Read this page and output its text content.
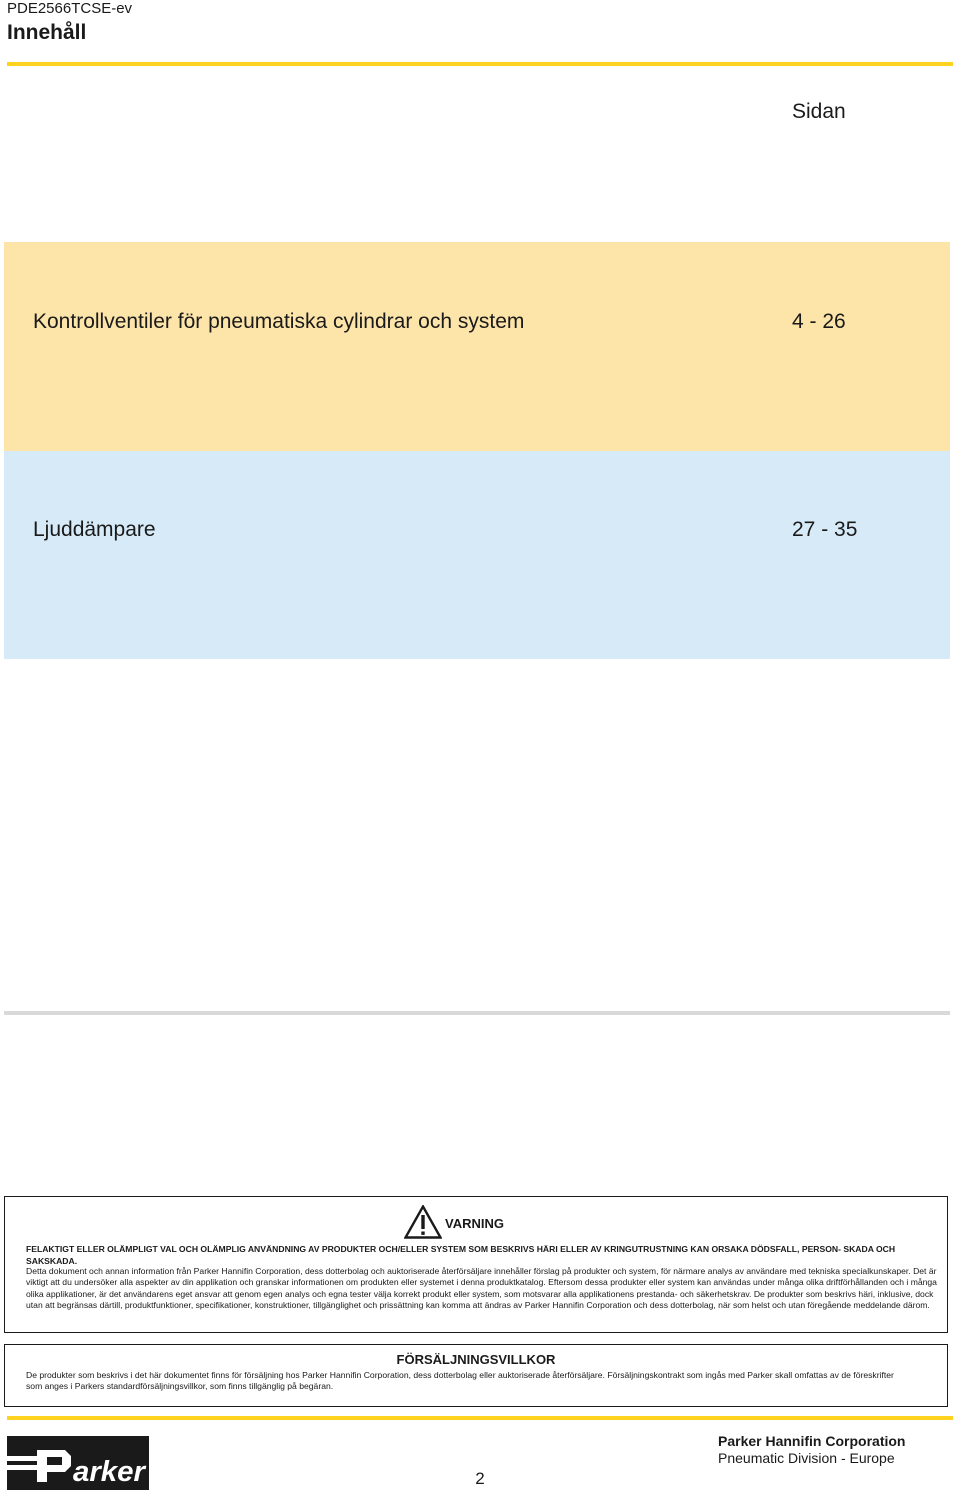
PDE2566TCSE-ev
Innehåll
Sidan
Kontrollventiler för pneumatiska cylindrar och system	4 - 26
Ljuddämpare	27 - 35
VARNING
FELAKTIGT ELLER OLÄMPLIGT VAL OCH OLÄMPLIG ANVÄNDNING AV PRODUKTER OCH/ELLER SYSTEM SOM BESKRIVS HÄRI ELLER AV KRINGUTRUSTNING KAN ORSAKA DÖDSFALL, PERSON- SKADA OCH SAKSKADA.
Detta dokument och annan information från Parker Hannifin Corporation, dess dotterbolag och auktoriserade återförsäljare innehåller förslag på produkter och system, för närmare analys av användare med tekniska specialkunskaper. Det är viktigt att du undersöker alla aspekter av din applikation och granskar informationen om produkten eller systemet i denna produktkatalog. Eftersom dessa produkter eller system kan användas under många olika driftförhållanden och i många olika applikationer, är det användarens eget ansvar att genom egen analys och egna tester välja korrekt produkt eller system, som motsvarar alla applikationens prestanda- och säkerhetskrav. De produkter som beskrivs häri, inklusive, dock utan att begränsas därtill, produktfunktioner, specifikationer, konstruktioner, tillgänglighet och prissättning kan komma att ändras av Parker Hannifin Corporation och dess dotterbolag, när som helst och utan föregående meddelande därom.
FÖRSÄLJNINGSVILLKOR
De produkter som beskrivs i det här dokumentet finns för försäljning hos Parker Hannifin Corporation, dess dotterbolag eller auktoriserade återförsäljare. Försäljningskontrakt som ingås med Parker skall omfattas av de föreskrifter som anges i Parkers standardförsäljningsvillkor, som finns tillgänglig på begäran.
arker	2
Parker Hannifin Corporation
Pneumatic Division - Europe
